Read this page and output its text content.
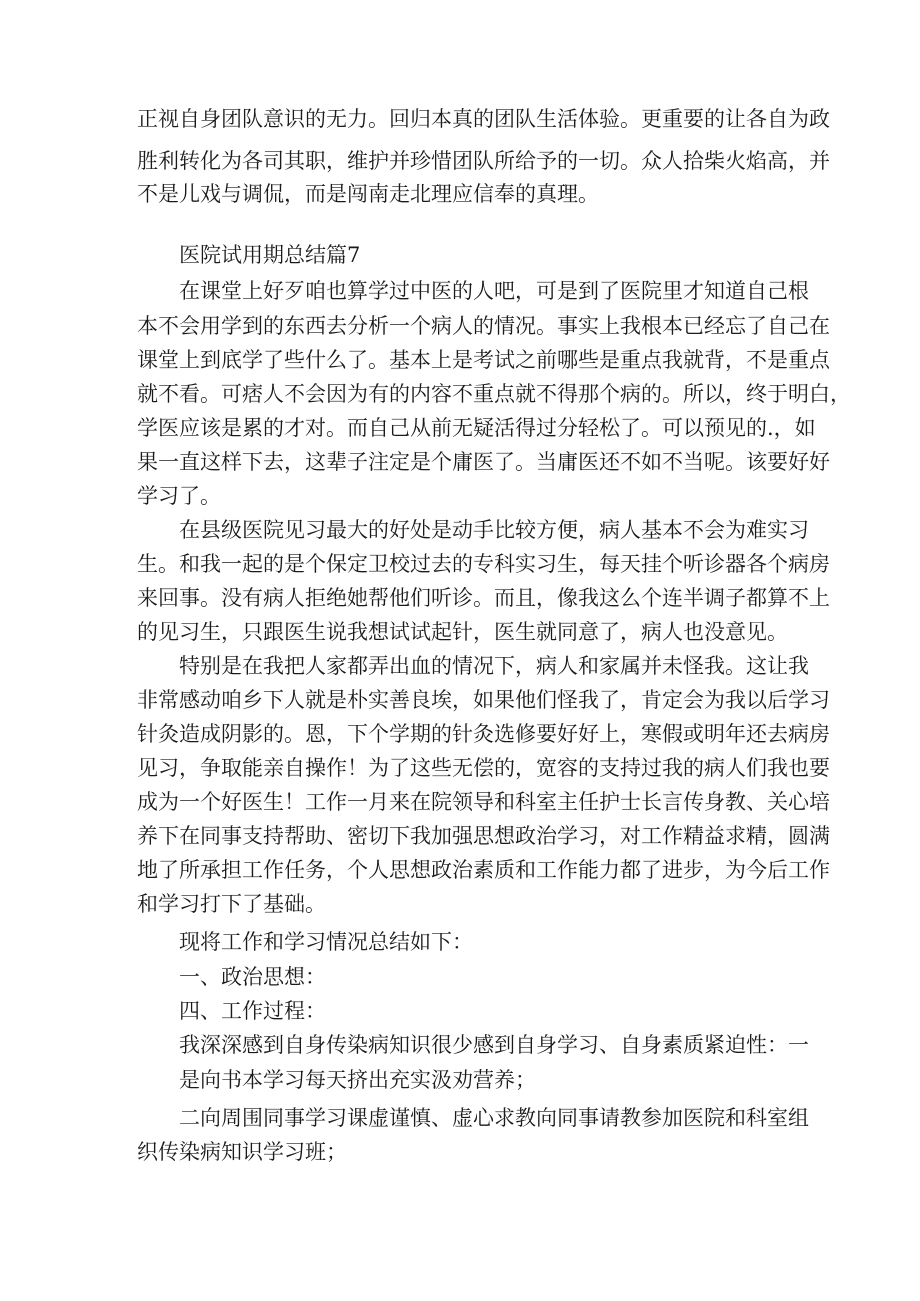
正视自身团队意识的无力。回归本真的团队生活体验。更重要的让各自为政

胜利转化为各司其职，维护并珍惜团队所给予的一切。众人拾柴火焰高，并

不是儿戏与调侃，而是闯南走北理应信奉的真理。

医院试用期总结篇7

在课堂上好歹咱也算学过中医的人吧，可是到了医院里才知道自己根

本不会用学到的东西去分析一个病人的情况。事实上我根本已经忘了自己在

课堂上到底学了些什么了。基本上是考试之前哪些是重点我就背，不是重点

就不看。可痞人不会因为有的内容不重点就不得那个病的。所以，终于明白，

学医应该是累的才对。而自己从前无疑活得过分轻松了。可以预见的.，如

果一直这样下去，这辈子注定是个庸医了。当庸医还不如不当呢。该要好好

学习了。

在县级医院见习最大的好处是动手比较方便，病人基本不会为难实习

生。和我一起的是个保定卫校过去的专科实习生，每天挂个听诊器各个病房

来回事。没有病人拒绝她帮他们听诊。而且，像我这么个连半调子都算不上

的见习生，只跟医生说我想试试起针，医生就同意了，病人也没意见。

特别是在我把人家都弄出血的情况下，病人和家属并未怪我。这让我

非常感动咱乡下人就是朴实善良埃，如果他们怪我了，肯定会为我以后学习

针灸造成阴影的。恩，下个学期的针灸选修要好好上，寒假或明年还去病房

见习，争取能亲自操作！为了这些无偿的，宽容的支持过我的病人们我也要

成为一个好医生！工作一月来在院领导和科室主任护士长言传身教、关心培

养下在同事支持帮助、密切下我加强思想政治学习，对工作精益求精，圆满

地了所承担工作任务，个人思想政治素质和工作能力都了进步，为今后工作

和学习打下了基础。

现将工作和学习情况总结如下：

一、政治思想：

四、工作过程：

我深深感到自身传染病知识很少感到自身学习、自身素质紧迫性：一

是向书本学习每天挤出充实汲劝营养；

二向周围同事学习课虚谨慎、虚心求教向同事请教参加医院和科室组

织传染病知识学习班；
